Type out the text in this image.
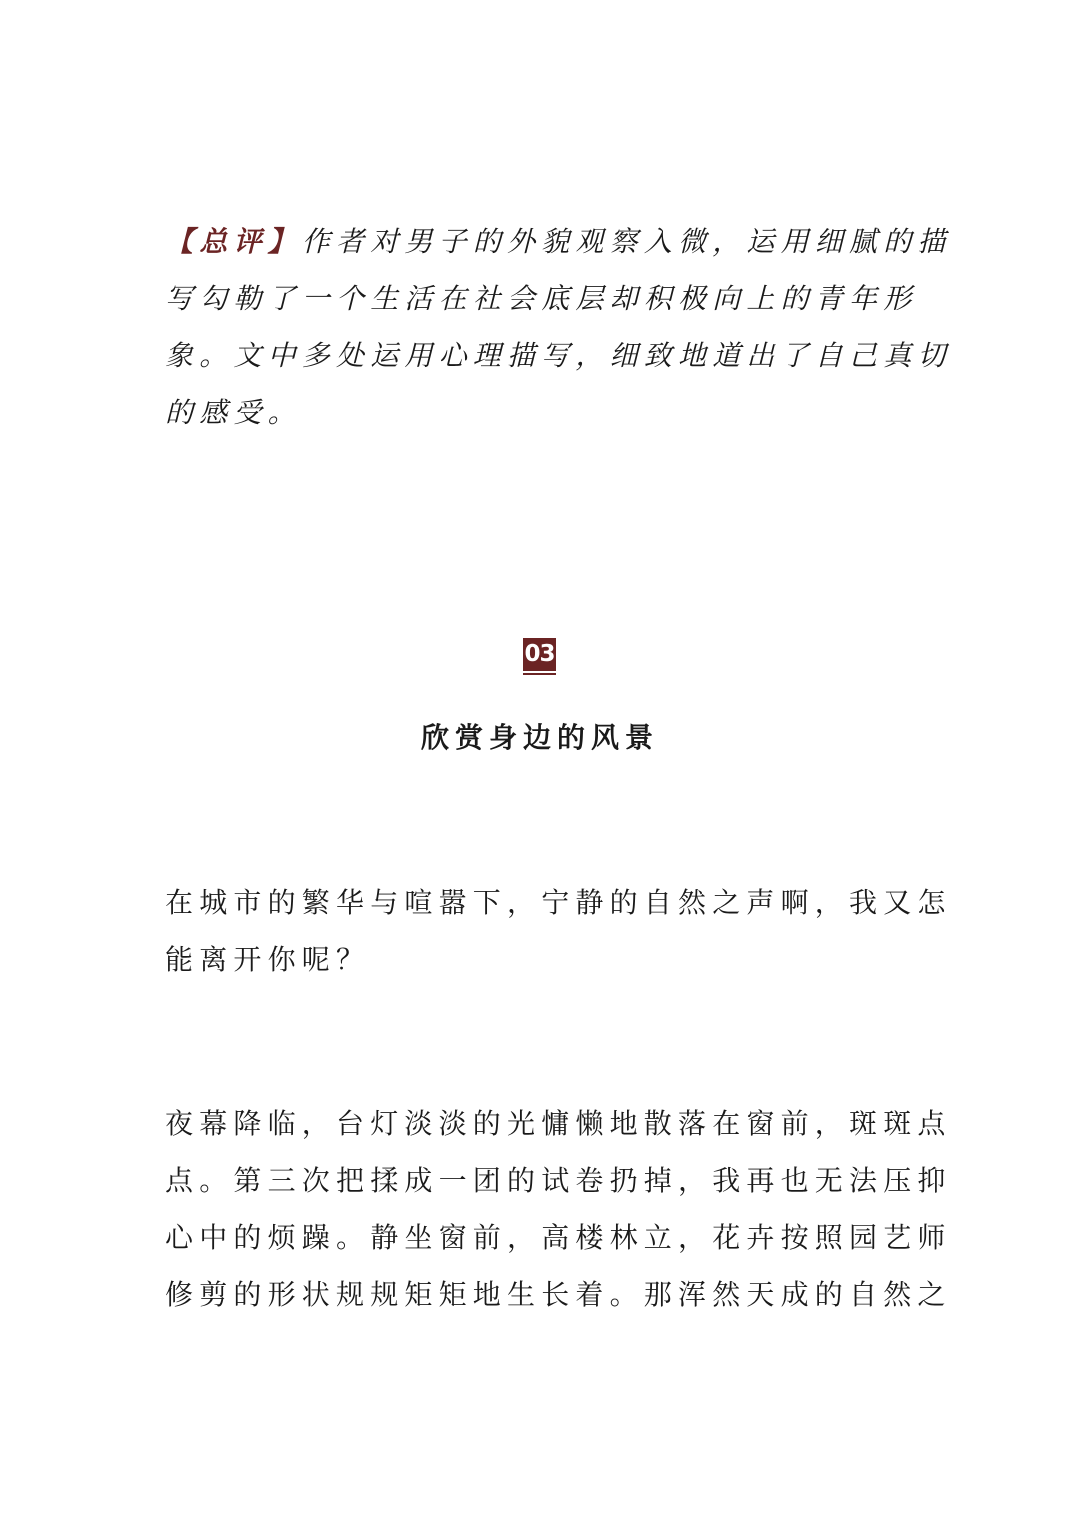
【总评】作者对男子的外貌观察入微，运用细腻的描
写勾勒了一个生活在社会底层却积极向上的青年形
象。文中多处运用心理描写，细致地道出了自己真切
的感受。
03
欣赏身边的风景
在城市的繁华与喧嚣下，宁静的自然之声啊，我又怎
能离开你呢？
夜幕降临，台灯淡淡的光慵懒地散落在窗前，斑斑点
点。第三次把揉成一团的试卷扔掉，我再也无法压抑
心中的烦躁。静坐窗前，高楼林立，花卉按照园艺师
修剪的形状规规矩矩地生长着。那浑然天成的自然之
